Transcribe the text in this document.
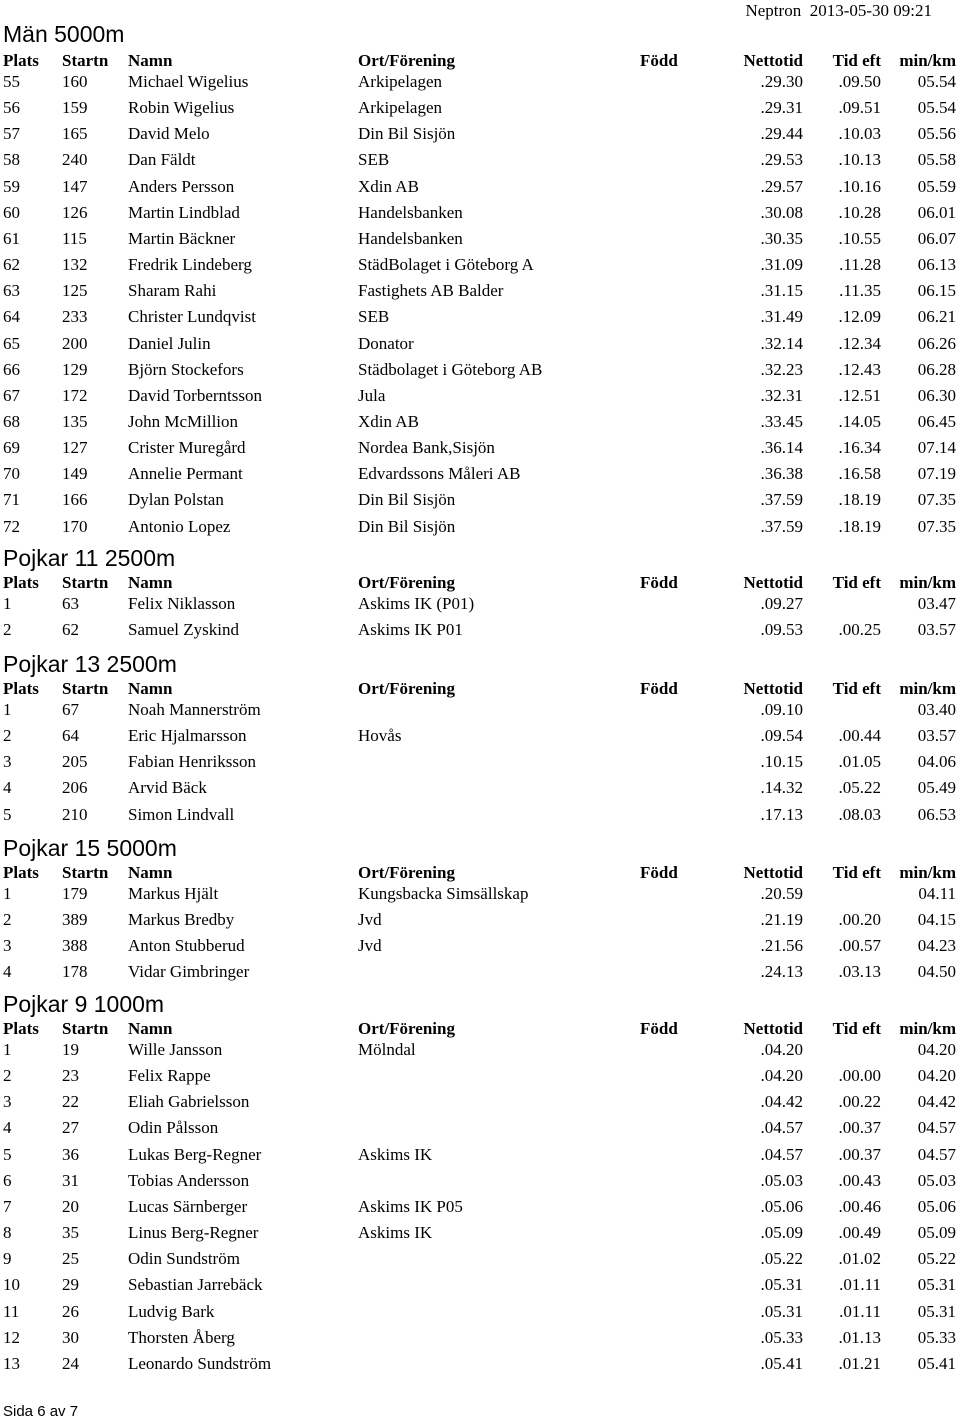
Neptron 2013-05-30 09:21
Män 5000m
Plats Startn Namn	Ort/Förening	Född	Nettotid Tid eft min/km
55 160 Michael Wigelius	Arkipelagen	.29.30 .09.50 05.54
56 159 Robin Wigelius	Arkipelagen	.29.31 .09.51 05.54
57 165 David Melo	Din Bil Sisjön	.29.44 .10.03 05.56
58 240 Dan Fäldt	SEB	.29.53 .10.13 05.58
59 147 Anders Persson	Xdin AB	.29.57 .10.16 05.59
60 126 Martin Lindblad	Handelsbanken	.30.08 .10.28 06.01
61 115 Martin Bäckner	Handelsbanken	.30.35 .10.55 06.07
62 132 Fredrik Lindeberg	StädBolaget i Göteborg A	.31.09 .11.28 06.13
63 125 Sharam Rahi	Fastighets AB Balder	.31.15 .11.35 06.15
64 233 Christer Lundqvist	SEB	.31.49 .12.09 06.21
65 200 Daniel Julin	Donator	.32.14 .12.34 06.26
66 129 Björn Stockefors	Städbolaget i Göteborg AB	.32.23 .12.43 06.28
67 172 David Torberntsson	Jula	.32.31 .12.51 06.30
68 135 John McMillion	Xdin AB	.33.45 .14.05 06.45
69 127 Crister Muregård	Nordea Bank,Sisjön	.36.14 .16.34 07.14
70 149 Annelie Permant	Edvardssons Måleri AB	.36.38 .16.58 07.19
71 166 Dylan Polstan	Din Bil Sisjön	.37.59 .18.19 07.35
72 170 Antonio Lopez	Din Bil Sisjön	.37.59 .18.19 07.35
Pojkar 11 2500m
Plats Startn Namn	Ort/Förening	Född	Nettotid Tid eft min/km
1	63	Felix Niklasson	Askims IK (P01)	.09.27	03.47
2	62	Samuel Zyskind	Askims IK P01	.09.53 .00.25 03.57
Pojkar 13 2500m
Plats Startn Namn	Ort/Förening	Född	Nettotid Tid eft min/km
1	67	Noah Mannerström	.09.10	03.40
2	64	Eric Hjalmarsson	Hovås	.09.54 .00.44 03.57
3	205 Fabian Henriksson	.10.15 .01.05 04.06
4	206 Arvid Bäck	.14.32 .05.22 05.49
5	210 Simon Lindvall	.17.13 .08.03 06.53
Pojkar 15 5000m
Plats Startn Namn	Ort/Förening	Född	Nettotid Tid eft min/km
1	179 Markus Hjält	Kungsbacka Simsällskap	.20.59	04.11
2	389 Markus Bredby	Jvd	.21.19 .00.20 04.15
3	388 Anton Stubberud	Jvd	.21.56 .00.57 04.23
4	178 Vidar Gimbringer	.24.13 .03.13 04.50
Pojkar 9 1000m
Plats Startn Namn	Ort/Förening	Född	Nettotid Tid eft min/km
1	19	Wille Jansson	Mölndal	.04.20	04.20
2	23	Felix Rappe	.04.20 .00.00 04.20
3	22	Eliah Gabrielsson	.04.42 .00.22 04.42
4	27	Odin Pålsson	.04.57 .00.37 04.57
5	36	Lukas Berg-Regner	Askims IK	.04.57 .00.37 04.57
6	31	Tobias Andersson	.05.03 .00.43 05.03
7	20	Lucas Särnberger	Askims IK P05	.05.06 .00.46 05.06
8	35	Linus Berg-Regner	Askims IK	.05.09 .00.49 05.09
9	25	Odin Sundström	.05.22 .01.02 05.22
10 29	Sebastian Jarrebäck	.05.31 .01.11 05.31
11	26	Ludvig Bark	.05.31 .01.11 05.31
12 30	Thorsten Åberg	.05.33 .01.13 05.33
13 24	Leonardo Sundström	.05.41 .01.21 05.41
Sida 6 av 7
